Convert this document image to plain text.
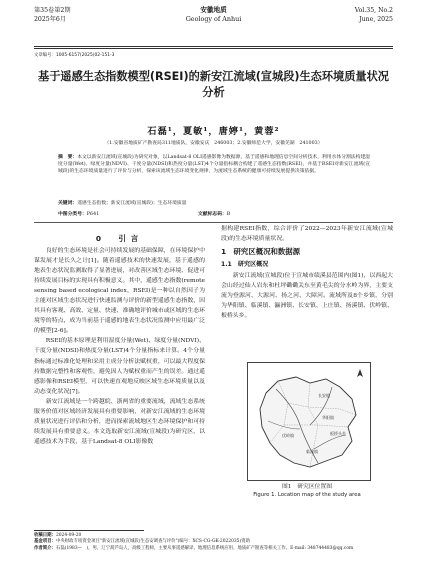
第35卷第2期
2025年6月
安徽地质
Geology of Anhui
Vol.35, No.2
June, 2025
文章编号：1005-6157(2025)02-151-3
基于遥感生态指数模型(RSEI)的新安江流域(宣城段)生态环境质量状况分析
石磊¹，夏敏¹，唐婷¹，黄蓉²
（1.安徽省地质矿产勘查局311地质队，安徽安庆　246003；2.安徽师范大学，安徽芜湖　241003）
摘　要：本文以新安江流域(宣城段)为研究对象，以Landsat-8 OLI遥感影像为数据源，基于遥感和地理信息空间分析技术，利用水体分割法构建湿度分量(Wet)、绿度分量(NDVI)、干度分量(NDSI)和热度分量(LST)4个分量指标耦合构建了遥感生态指数(RSEI)，并基于RSEI对新安江流域(宣城段)的生态环境质量进行了评价与分析，探索该流域生态环境变化规律，为流域生态系统的健康可持续发展提供决策依据。
关键词：遥感生态指数；新安江流域(宣城段)；生态环境质量
中图分类号：P641	文献标志码：B
0　引言

良好的生态环境是社会可持续发展的基础保障，在环境保护中谋发展才是长久之计[1]。随着遥感技术的快速发展，基于遥感的地表生态状况监测取得了显著进展，对改善区域生态环境、促进可持续发展目标的实现具有积极意义。其中，遥感生态指数(remote sensing based ecological index，RSEI)是一种以自然因子为主能对区域生态状况进行快速监测与评价的新型遥感生态指数，因其具有客观、高效、定量、快速、准确地评价城市或区域的生态环境等的特点，成为当前基于遥感的地表生态状况监测中应用最广泛的模型[2-6]。

RSEI的基本原理是利用湿度分量(Wet)、绿度分量(NDVI)、干度分量(NDSI)和热度分量(LST)4个分量指标来计算。4个分量指标通过标准化处理和采用主成分分析法赋权重，可以最大程度保持数据完整性和客观性，避免因人为赋权重而产生的误差。通过遥感影像和RSEI模型，可以快速直观地反映区域生态环境质量以及动态变化状况[7]。

新安江流域是一个跨越皖、浙两省的重要流域，流域生态系统服务价值对区域经济发展具有重要影响，对新安江流域的生态环境质量状况进行评估和分析，进而探索流域地区生态环境保护和可持续发展具有重要意义。本文选取新安江流域(宣城段)为研究区，以遥感技术为手段，基于Landsat-8 OLI影像数

据构建RSEI指数，综合评价了2022—2023年新安江流域(宣城段)的生态环境质量状况。

1　研究区概况和数据源
1.1　研究区概况

新安江流域(宣城段)位于宣城市绩溪县范围内(图1)，以西起大会山经过仙人岩东和杜坪磡磡关东至黄毛尖的分水岭为界，主要支流为登源河、大源河、扬之河、大障河。流域所及8个乡镇，分别为华阳镇、临溪镇、瀛洲镇、长安镇、上庄镇、扬溪镇、伏岭镇、板桥头乡。

长安镇
华阳镇
板桥头乡
伏岭镇
临溪镇
图1　研究区位置图
Figure 1. Location map of the study area
收稿日期：2024-09-20
基金项目：中央财政专项资金项目"新安江流域(宣城段)生态安调查与评价"(编号：XCS-CG-GK-2022035)资助
作者简介：石磊(1983—　)，男，辽宁葫芦岛人，高级工程师，主要从事遥感解译、地理信息系统应用、地质矿产勘查等相关工作。E-mail: 348744483@qq.com
